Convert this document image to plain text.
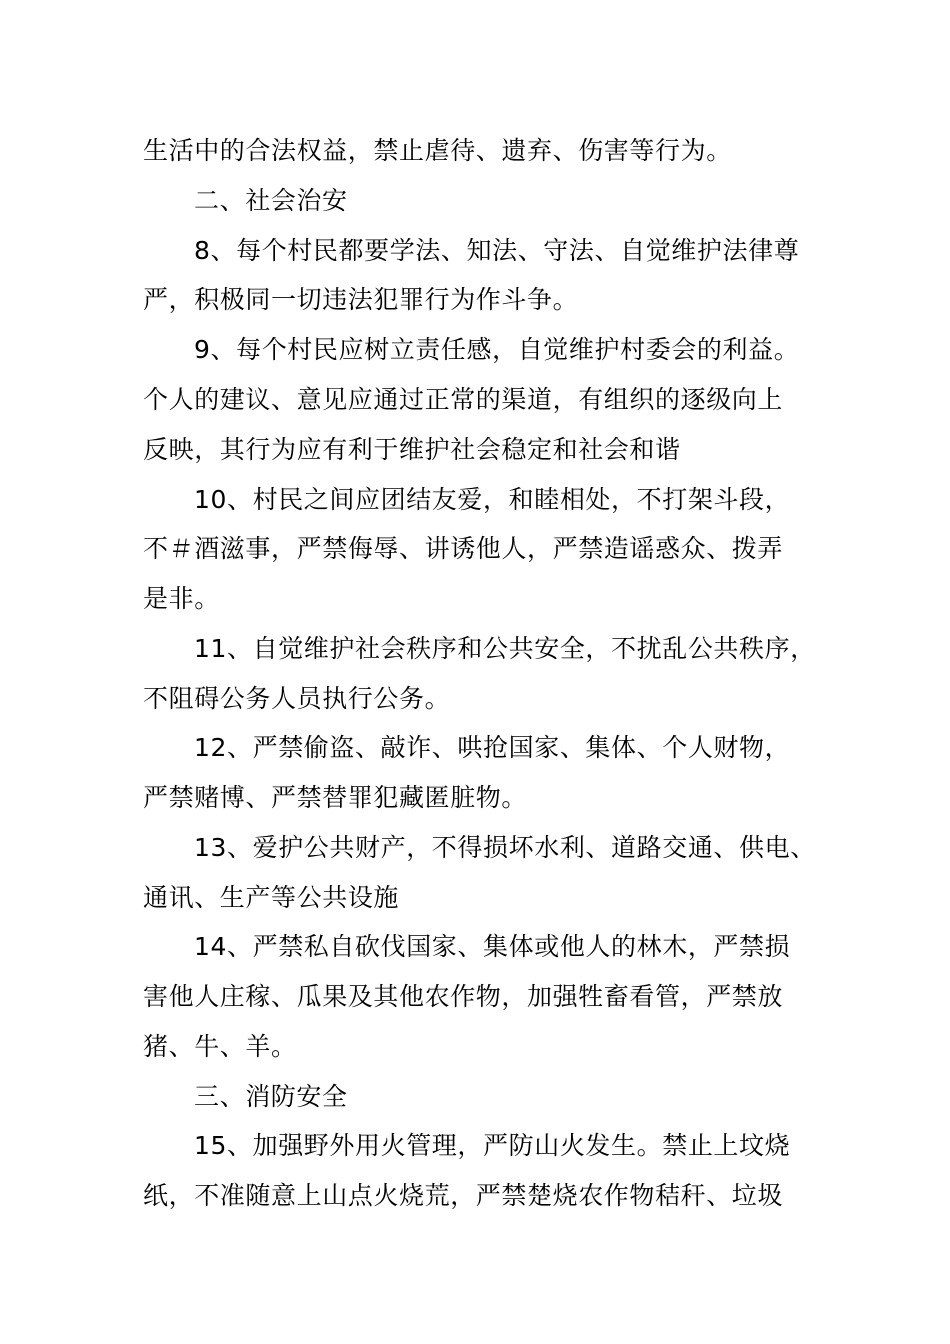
生活中的合法权益，禁止虐待、遗弃、伤害等行为。
二、社会治安
8、每个村民都要学法、知法、守法、自觉维护法律尊
严，积极同一切违法犯罪行为作斗争。
9、每个村民应树立责任感，自觉维护村委会的利益。
个人的建议、意见应通过正常的渠道，有组织的逐级向上
反映，其行为应有利于维护社会稳定和社会和谐
10、村民之间应团结友爱，和睦相处，不打架斗段，
不＃酒滋事，严禁侮辱、讲诱他人，严禁造谣惑众、拨弄
是非。
11、自觉维护社会秩序和公共安全，不扰乱公共秩序，
不阻碍公务人员执行公务。
12、严禁偷盗、敲诈、哄抢国家、集体、个人财物，
严禁赌博、严禁替罪犯藏匿脏物。
13、爱护公共财产，不得损坏水利、道路交通、供电、
通讯、生产等公共设施
14、严禁私自砍伐国家、集体或他人的林木，严禁损
害他人庄稼、瓜果及其他农作物，加强牲畜看管，严禁放
猪、牛、羊。
三、消防安全
15、加强野外用火管理，严防山火发生。禁止上坟烧
纸，不准随意上山点火烧荒，严禁楚烧农作物秸秆、垃圾
